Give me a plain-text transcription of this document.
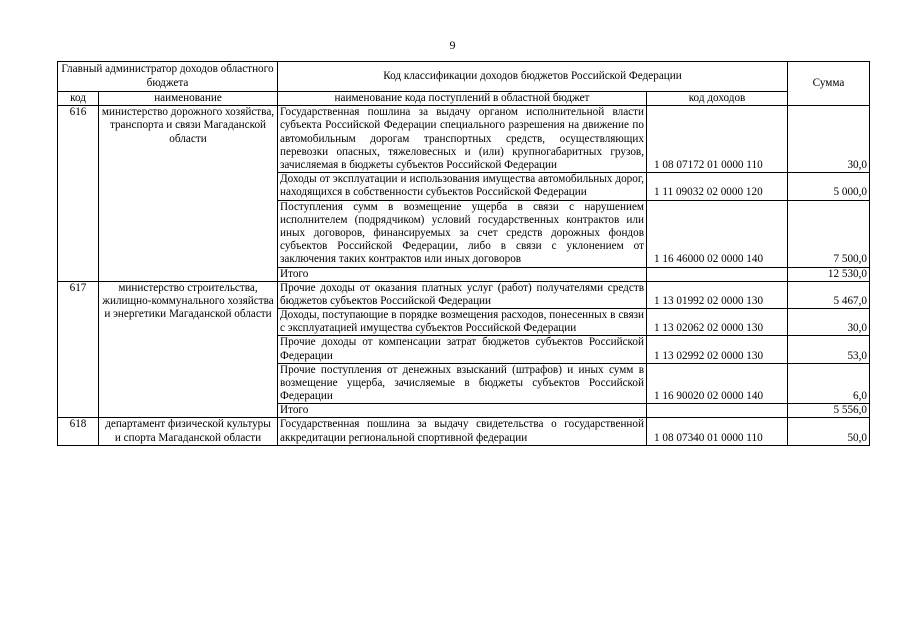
9
Главный администратор доходов областного бюджета		Код классификации доходов бюджетов Российской Федерации		Сумма
код	наименование	наименование кода поступлений в областной бюджет	код доходов	
616	министерство дорожного хозяйства, транспорта и связи Магаданской области	Государственная пошлина за выдачу органом исполнительной власти субъекта Российской Федерации специального разрешения на движение по автомобильным дорогам транспортных средств, осуществляющих перевозки опасных, тяжеловесных и (или) крупногабаритных грузов, зачисляемая в бюджеты субъектов Российской Федерации	1 08 07172 01 0000 110	30,0
		Доходы от эксплуатации и использования имущества автомобильных дорог, находящихся в собственности субъектов Российской Федерации	1 11 09032 02 0000 120	5 000,0
		Поступления сумм в возмещение ущерба в связи с нарушением исполнителем (подрядчиком) условий государственных контрактов или иных договоров, финансируемых за счет средств дорожных фондов субъектов Российской Федерации, либо в связи с уклонением от заключения таких контрактов или иных договоров	1 16 46000 02 0000 140	7 500,0
		Итого		12 530,0
617	министерство строительства, жилищно-коммунального хозяйства и энергетики Магаданской области	Прочие доходы от оказания платных услуг (работ) получателями средств бюджетов субъектов Российской Федерации	1 13 01992 02 0000 130	5 467,0
		Доходы, поступающие в порядке возмещения расходов, понесенных в связи с эксплуатацией имущества субъектов Российской Федерации	1 13 02062 02 0000 130	30,0
		Прочие доходы от компенсации затрат бюджетов субъектов Российской Федерации	1 13 02992 02 0000 130	53,0
		Прочие поступления от денежных взысканий (штрафов) и иных сумм в возмещение ущерба, зачисляемые в бюджеты субъектов Российской Федерации	1 16 90020 02 0000 140	6,0
		Итого		5 556,0
618	департамент физической культуры и спорта Магаданской области	Государственная пошлина за выдачу свидетельства о государственной аккредитации региональной спортивной федерации	1 08 07340 01 0000 110	50,0
